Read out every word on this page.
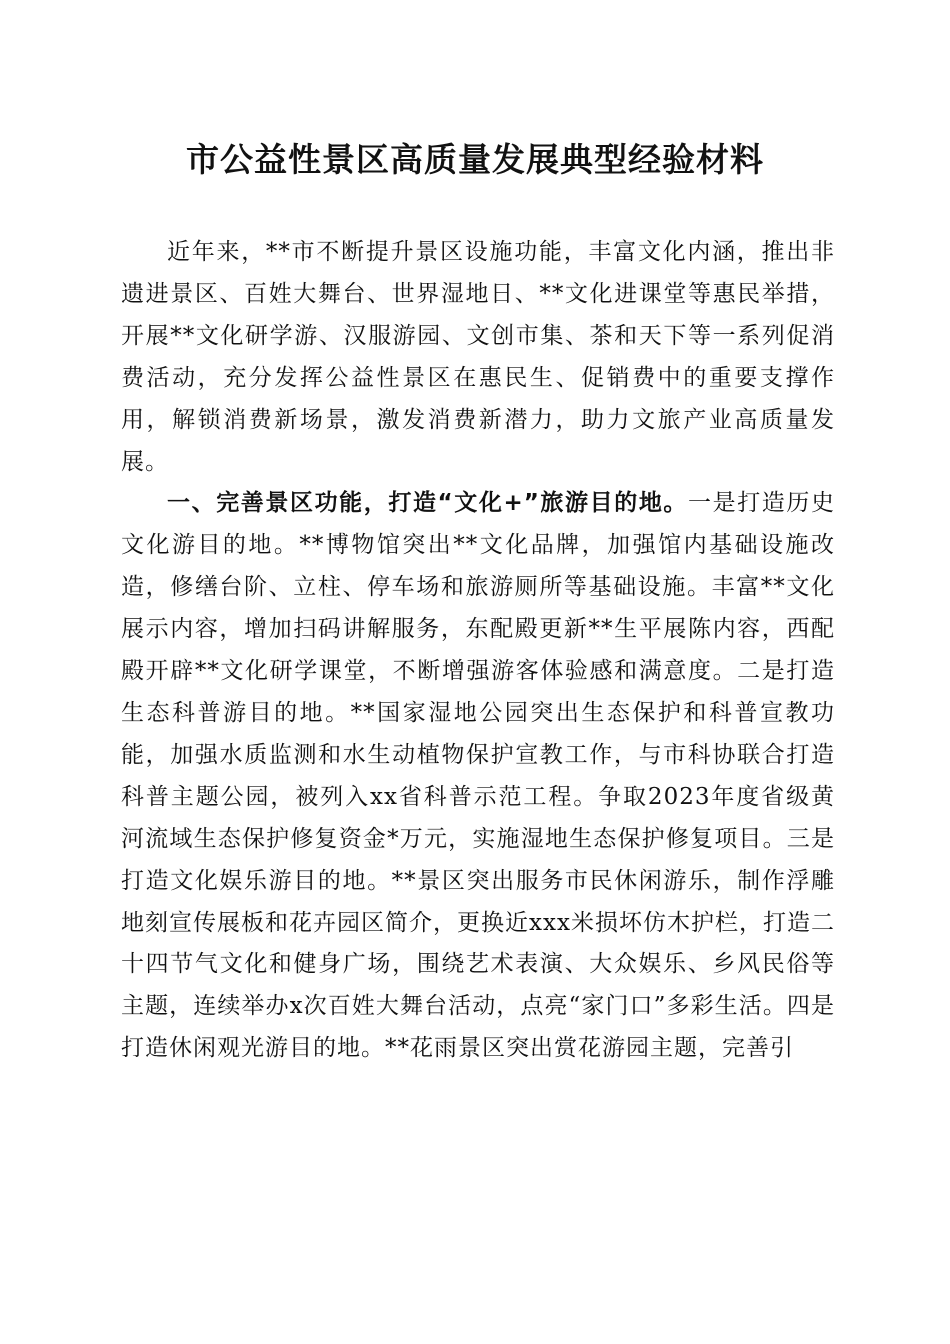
市公益性景区高质量发展典型经验材料

近年来，**市不断提升景区设施功能，丰富文化内涵，推出非遗进景区、百姓大舞台、世界湿地日、**文化进课堂等惠民举措，开展**文化研学游、汉服游园、文创市集、茶和天下等一系列促消费活动，充分发挥公益性景区在惠民生、促销费中的重要支撑作用，解锁消费新场景，激发消费新潜力，助力文旅产业高质量发展。

一、完善景区功能，打造“文化+”旅游目的地。一是打造历史文化游目的地。**博物馆突出**文化品牌，加强馆内基础设施改造，修缮台阶、立柱、停车场和旅游厕所等基础设施。丰富**文化展示内容，增加扫码讲解服务，东配殿更新**生平展陈内容，西配殿开辟**文化研学课堂，不断增强游客体验感和满意度。二是打造生态科普游目的地。**国家湿地公园突出生态保护和科普宣教功能，加强水质监测和水生动植物保护宣教工作，与市科协联合打造科普主题公园，被列入xx省科普示范工程。争取2023年度省级黄河流域生态保护修复资金*万元，实施湿地生态保护修复项目。三是打造文化娱乐游目的地。**景区突出服务市民休闲游乐，制作浮雕地刻宣传展板和花卉园区简介，更换近xxx米损坏仿木护栏，打造二十四节气文化和健身广场，围绕艺术表演、大众娱乐、乡风民俗等主题，连续举办x次百姓大舞台活动，点亮“家门口”多彩生活。四是打造休闲观光游目的地。**花雨景区突出赏花游园主题，完善引
